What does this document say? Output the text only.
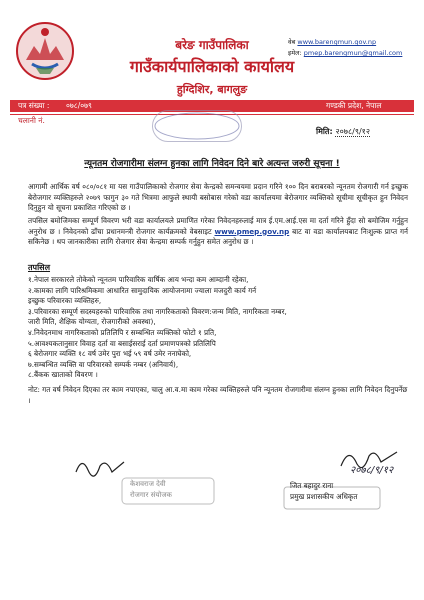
वेब www.barengmun.gov.np
इमेल: pmep.barengmun@gmail.com
बरेङ गाउँपालिका
गाउँकार्यपालिकाको कार्यालय
हुग्दिशिर, बागलुङ
पत्र संख्या : ०७८/०७९	गण्डकी प्रदेश, नेपाल
चलानी नं.
मिति: २०७८/९/१२
न्यूनतम रोजगारीमा संलग्न हुनका लागि निवेदन दिने बारे अत्यन्त जरुरी सूचना !
आगामी आर्थिक वर्ष ०८०/०८१ मा यस गाउँपालिकाको रोजगार सेवा केन्द्रको समन्वयमा प्रदान गरिने १०० दिन बराबरको न्यूनतम रोजगारी गर्न इच्छुक बेरोजगार व्यक्तिहरुले २०७९ फागुन ३० गते भित्रमा आफुले स्थायी बसोबास गरेको वडा कार्यालयमा बेरोजगार व्यक्तिको सूचीमा सूचीकृत हुन निवेदन दिनुहुन यो सूचना प्रकाशित गरिएको छ ।
तपसिल बमोजिमका सम्पूर्ण विवरण भरी वडा कार्यालयले प्रमाणित गरेका निवेदनहरुलाई मात्र ई.एम.आई.एस मा दर्ता गरिने हुँदा सो बमोजिम गर्नुहुन अनुरोध छ । निवेदनको ढाँचा प्रधानमन्त्री रोजगार कार्यक्रमको वेबसाइट www.pmep.gov.np बाट वा वडा कार्यालयबाट निःशुल्क प्राप्त गर्न सकिनेछ । थप जानकारीका लागि रोजगार सेवा केन्द्रमा सम्पर्क गर्नुहुन समेत अनुरोध छ ।
तपसिल
१.नेपाल सरकारले तोकेको न्यूनतम पारिवारिक वार्षिक आय भन्दा कम आम्दानी रहेका,
२.कामका लागि पारिश्रमिकमा आधारित सामुदायिक आयोजनामा ज्याला मजदुरी कार्य गर्न
इच्छुक परिवारका व्यक्तिहरु,
३.परिवारका सम्पूर्ण सदस्यहरुको पारिवारिक तथा नागरिकताको विवरण:जन्म मिति, नागरिकता नम्बर,
जारी मिति, शैक्षिक योग्यता, रोजगारीको अवस्था),
४.निवेदनमाथ नागरिकताको प्रतिलिपि र सम्बन्धित व्यक्तिको फोटो १ प्रति,
५.आवश्यकतानुसार विवाह दर्ता वा बसाईसराई दर्ता प्रमाणपत्रको प्रतिलिपि
६ बेरोजगार व्यक्ति १८ वर्ष उमेर पुरा भई ५९ वर्ष उमेर ननाघेको,
७.सम्बन्धित व्यक्ति वा परिवारको सम्पर्क नम्बर (अनिवार्य),
८.बैंकक खाताको विवरण ।
नोट: गत वर्ष निवेदन दिएका तर काम नपाएका, चालु आ.व.मा काम गरेका व्यक्तिहरुले पनि न्यूनतम रोजगारीमा संलग्न हुनका लागि निवेदन दिनुपर्नेछ ।
केशवराज देवी
रोजगार संयोजक
२०७८/९/१२
जित बहादुर राना
प्रमुख प्रशासकीय अधिकृत
